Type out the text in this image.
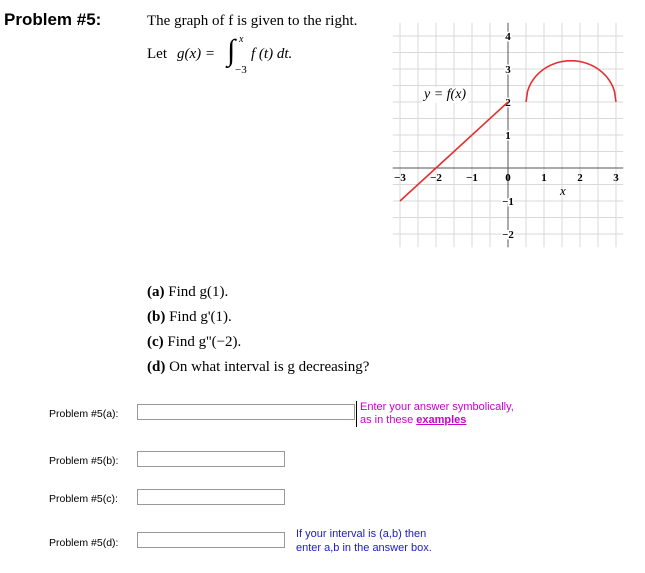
Problem #5:	The graph of f is given to the right.
Let g(x) = ∫ x
−3
f (t) dt.
−3 −2 −1 0	1	2	3
4
3
2
1
−1
−2
y = f(x)
x
(a) Find g(1).
(b) Find g'(1).
(c) Find g''(−2).
(d) On what interval is g decreasing?
Problem #5(a):
Enter your answer symbolically,
as in these examples
Problem #5(b):
Problem #5(c):
Problem #5(d):
If your interval is (a,b) then
enter a,b in the answer box.
